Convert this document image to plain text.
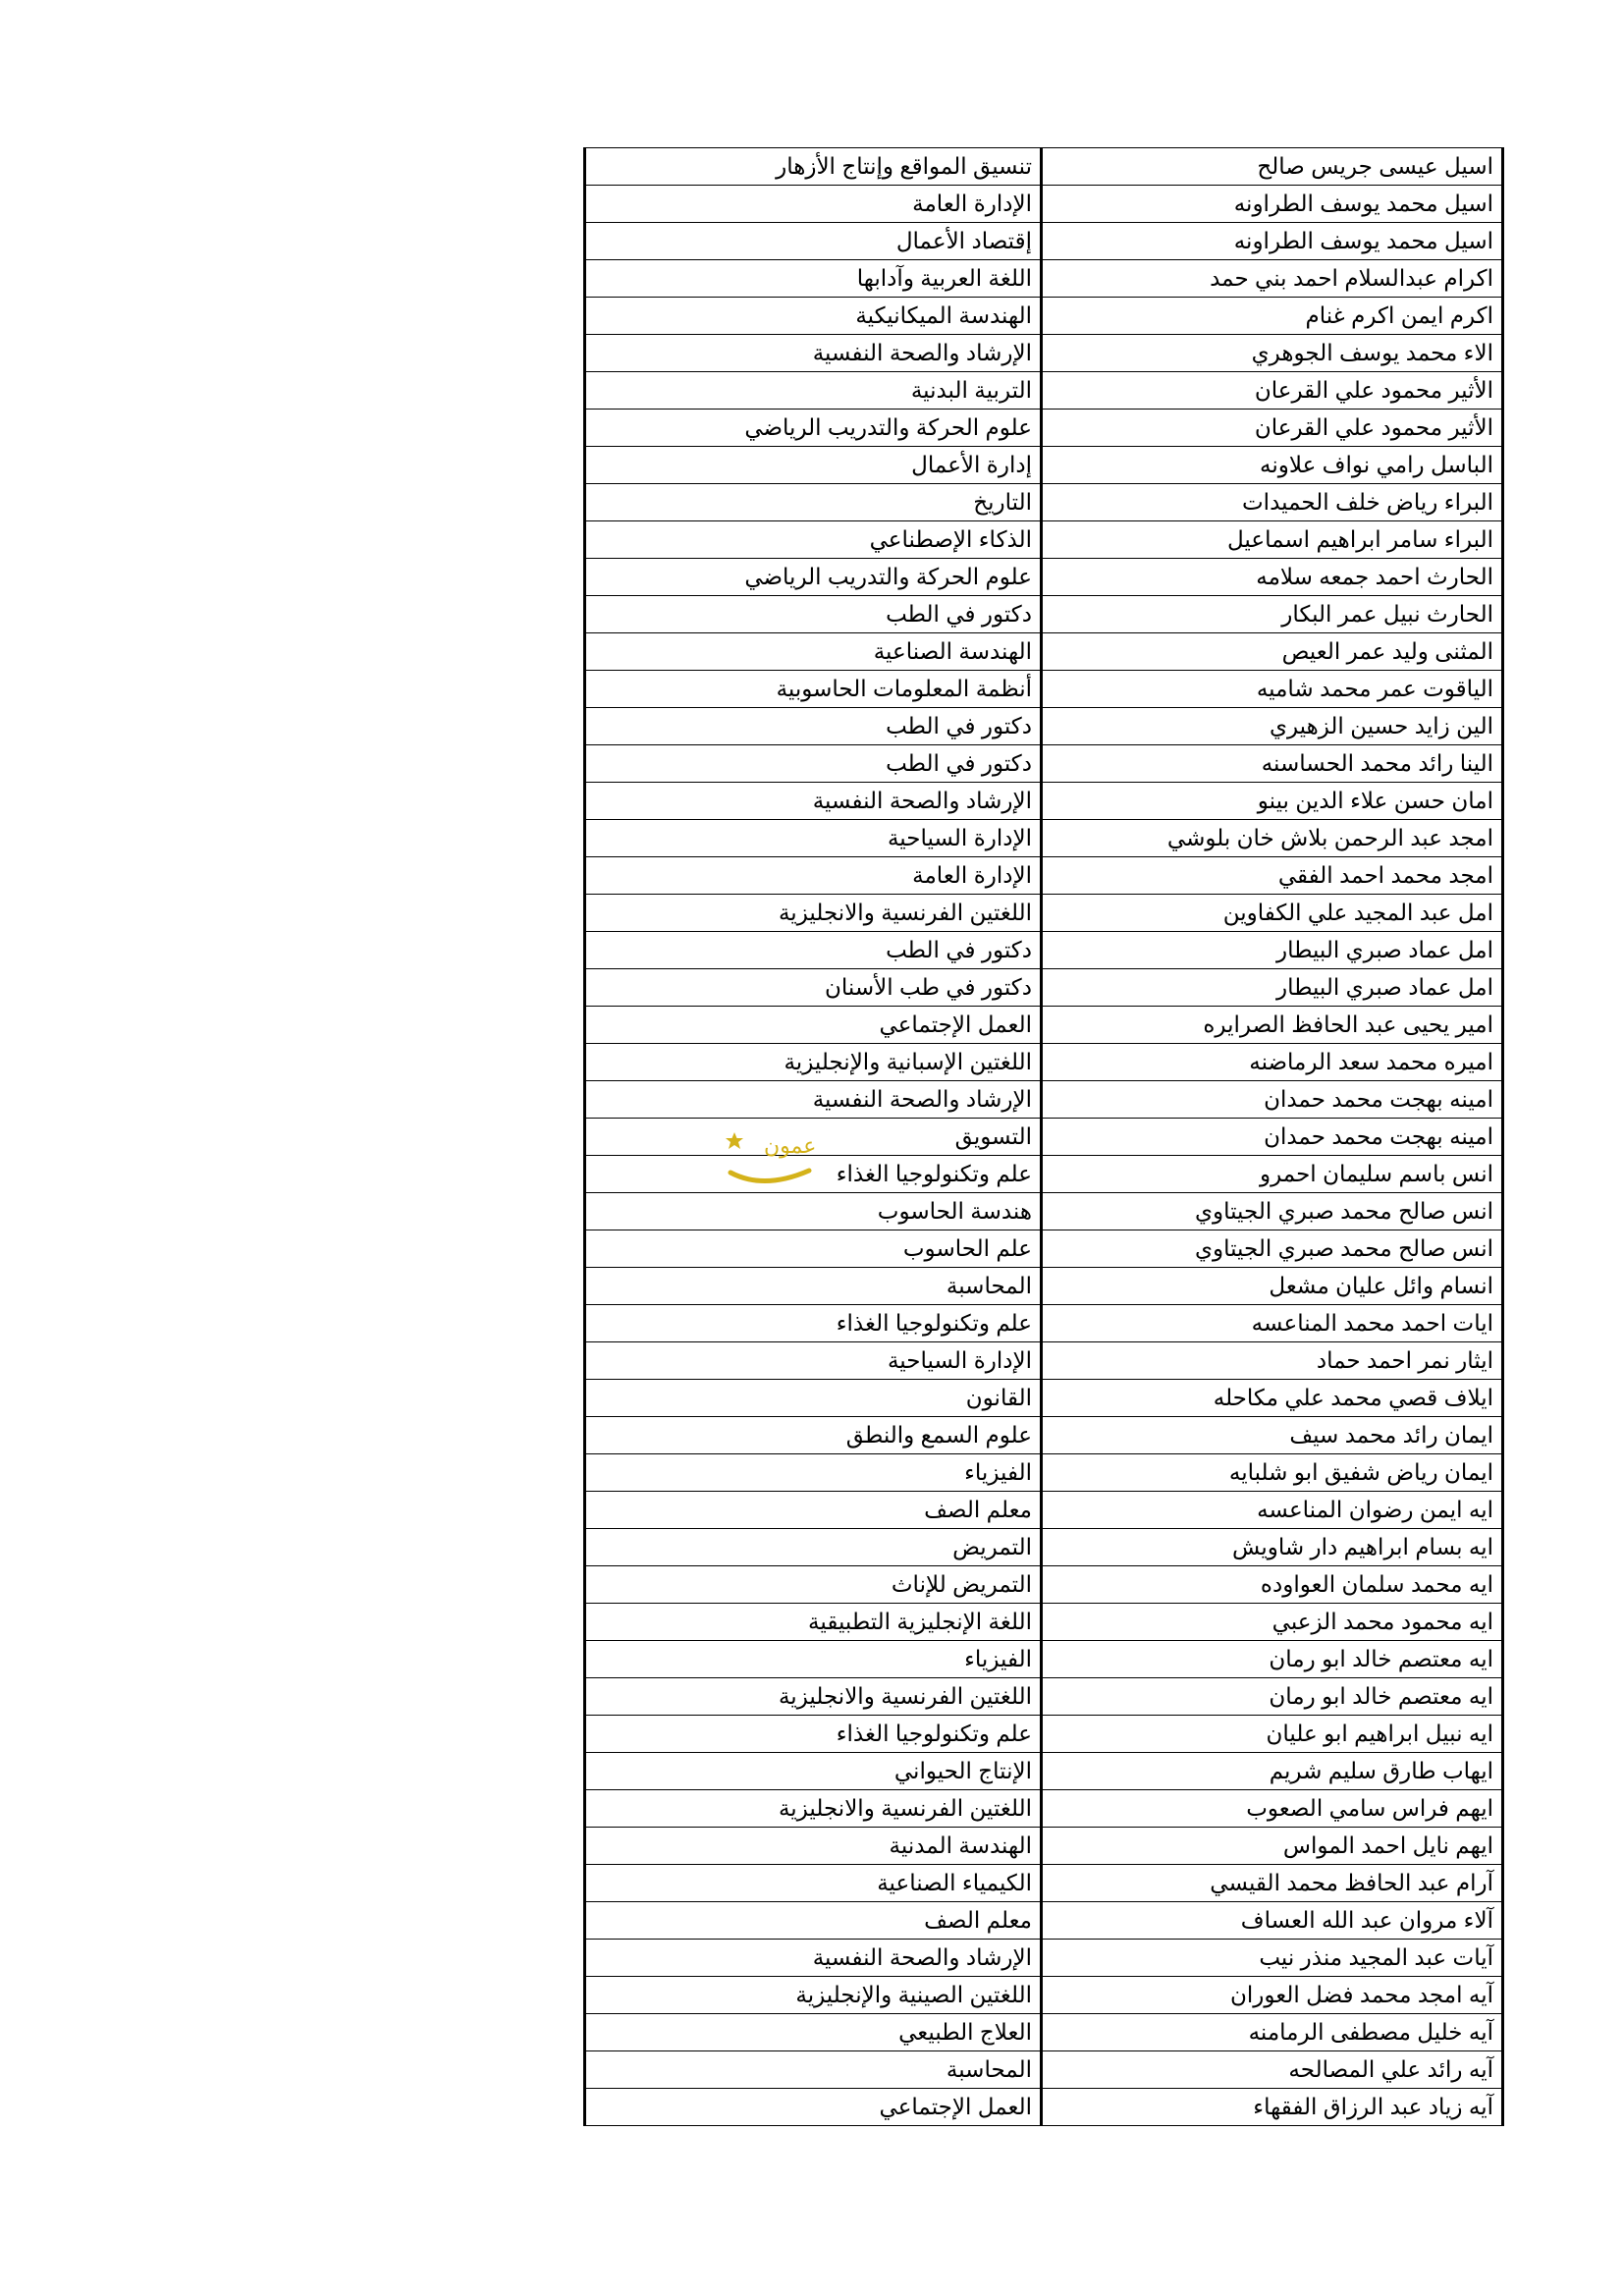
اسيل عيسى جريس صالح	تنسيق المواقع وإنتاج الأزهار
اسيل محمد يوسف الطراونه	الإدارة العامة
اسيل محمد يوسف الطراونه	إقتصاد الأعمال
اكرام عبدالسلام احمد بني حمد	اللغة العربية وآدابها
اكرم ايمن اكرم غنام	الهندسة الميكانيكية
الاء محمد يوسف الجوهري	الإرشاد والصحة النفسية
الأثير محمود علي القرعان	التربية البدنية
الأثير محمود علي القرعان	علوم الحركة والتدريب الرياضي
الباسل رامي نواف علاونه	إدارة الأعمال
البراء رياض خلف الحميدات	التاريخ
البراء سامر ابراهيم اسماعيل	الذكاء الإصطناعي
الحارث احمد جمعه سلامه	علوم الحركة والتدريب الرياضي
الحارث نبيل عمر البكار	دكتور في الطب
المثنى وليد عمر العيص	الهندسة الصناعية
الياقوت عمر محمد شاميه	أنظمة المعلومات الحاسوبية
الين زايد حسين الزهيري	دكتور في الطب
الينا رائد محمد الحساسنه	دكتور في الطب
امان حسن علاء الدين بينو	الإرشاد والصحة النفسية
امجد عبد الرحمن بلاش خان بلوشي	الإدارة السياحية
امجد محمد احمد الفقي	الإدارة العامة
امل عبد المجيد علي الكفاوين	اللغتين الفرنسية والانجليزية
امل عماد صبري البيطار	دكتور في الطب
امل عماد صبري البيطار	دكتور في طب الأسنان
امير يحيى عبد الحافظ الصرايره	العمل الإجتماعي
اميره محمد سعد الرماضنه	اللغتين الإسبانية والإنجليزية
امينه بهجت محمد حمدان	الإرشاد والصحة النفسية
امينه بهجت محمد حمدان	التسويق
انس باسم سليمان احمرو	علم وتكنولوجيا الغذاء
انس صالح محمد صبري الجيتاوي	هندسة الحاسوب
انس صالح محمد صبري الجيتاوي	علم الحاسوب
انسام وائل عليان مشعل	المحاسبة
ايات احمد محمد المناعسه	علم وتكنولوجيا الغذاء
ايثار نمر احمد حماد	الإدارة السياحية
ايلاف قصي محمد علي مكاحله	القانون
ايمان رائد محمد سيف	علوم السمع والنطق
ايمان رياض شفيق ابو شلبايه	الفيزياء
ايه ايمن رضوان المناعسه	معلم الصف
ايه بسام ابراهيم دار شاويش	التمريض
ايه محمد سلمان العواوده	التمريض للإناث
ايه محمود محمد الزعبي	اللغة الإنجليزية التطبيقية
ايه معتصم خالد ابو رمان	الفيزياء
ايه معتصم خالد ابو رمان	اللغتين الفرنسية والانجليزية
ايه نبيل ابراهيم ابو عليان	علم وتكنولوجيا الغذاء
ايهاب طارق سليم شريم	الإنتاج الحيواني
ايهم فراس سامي الصعوب	اللغتين الفرنسية والانجليزية
ايهم نايل احمد المواس	الهندسة المدنية
آرام عبد الحافظ محمد القيسي	الكيمياء الصناعية
آلاء مروان عبد الله العساف	معلم الصف
آيات عبد المجيد منذر نيب	الإرشاد والصحة النفسية
آيه امجد محمد فضل العوران	اللغتين الصينية والإنجليزية
آيه خليل مصطفى الرمامنه	العلاج الطبيعي
آيه رائد علي المصالحه	المحاسبة
آيه زياد عبد الرزاق الفقهاء	العمل الإجتماعي
عمون
